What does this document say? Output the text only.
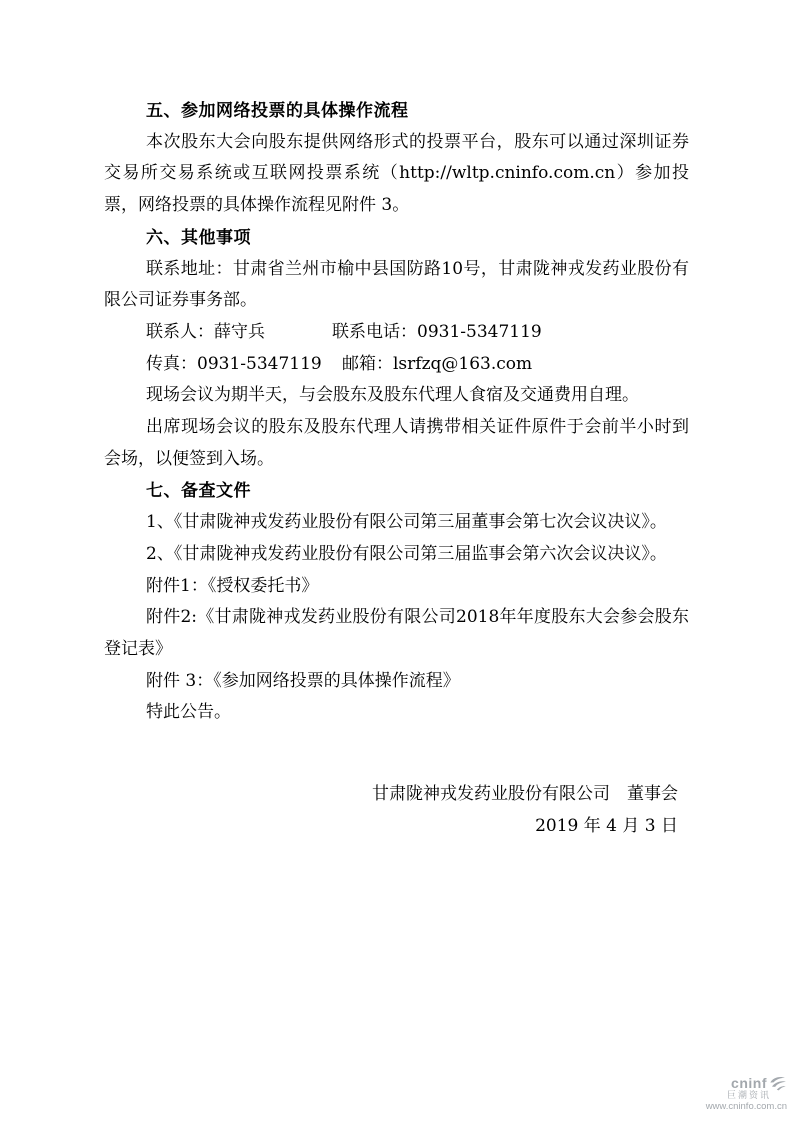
五、参加网络投票的具体操作流程

本次股东大会向股东提供网络形式的投票平台，股东可以通过深圳证券交易所交易系统或互联网投票系统（http://wltp.cninfo.com.cn）参加投票，网络投票的具体操作流程见附件 3。

六、其他事项

联系地址：甘肃省兰州市榆中县国防路10号，甘肃陇神戎发药业股份有限公司证券事务部。

联系人：薛守兵	联系电话：0931-5347119

传真：0931-5347119 邮箱：lsrfzq@163.com

现场会议为期半天，与会股东及股东代理人食宿及交通费用自理。

出席现场会议的股东及股东代理人请携带相关证件原件于会前半小时到会场，以便签到入场。

七、备查文件

1、《甘肃陇神戎发药业股份有限公司第三届董事会第七次会议决议》。

2、《甘肃陇神戎发药业股份有限公司第三届监事会第六次会议决议》。

附件1：《授权委托书》

附件2:《甘肃陇神戎发药业股份有限公司2018年年度股东大会参会股东登记表》

附件 3：《参加网络投票的具体操作流程》

特此公告。

甘肃陇神戎发药业股份有限公司　董事会

2019 年 4 月 3 日

cninf
巨潮资讯
www.cninfo.com.cn
